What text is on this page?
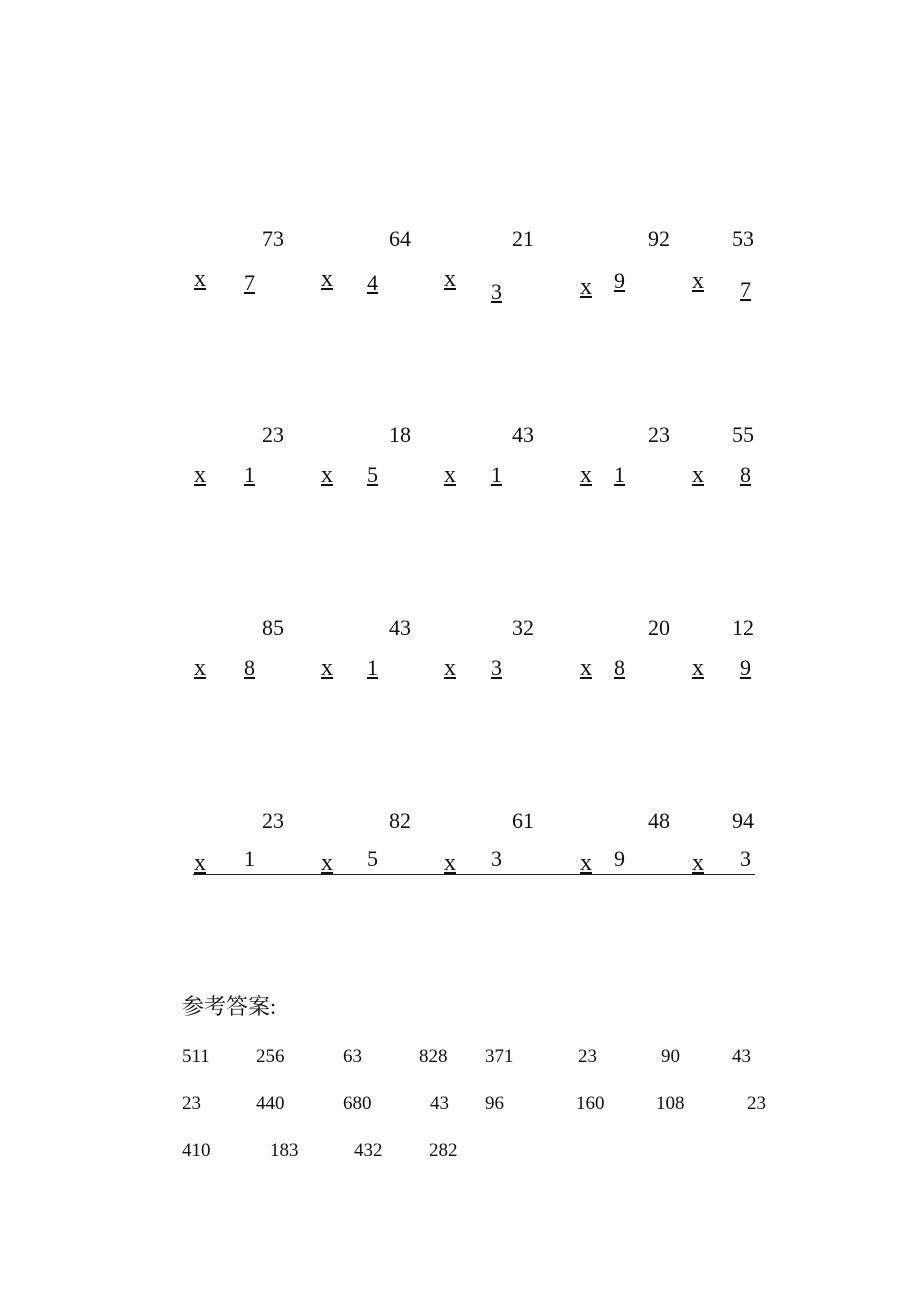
73
x 7
64
x 4
21
x 3
92
x 9
53
x 7
23
x 1
18
x 5
43
x 1
23
x 1
55
x 8
85
x 8
43
x 1
32
x 3
20
x 8
12
x 9
23
x 1
82
x 5
61
x 3
48
x 9
94
x 3
参考答案:
511 256	63	828 371	23	90	43
23	440	680	43 96	160	108	23
410	183	432 282
